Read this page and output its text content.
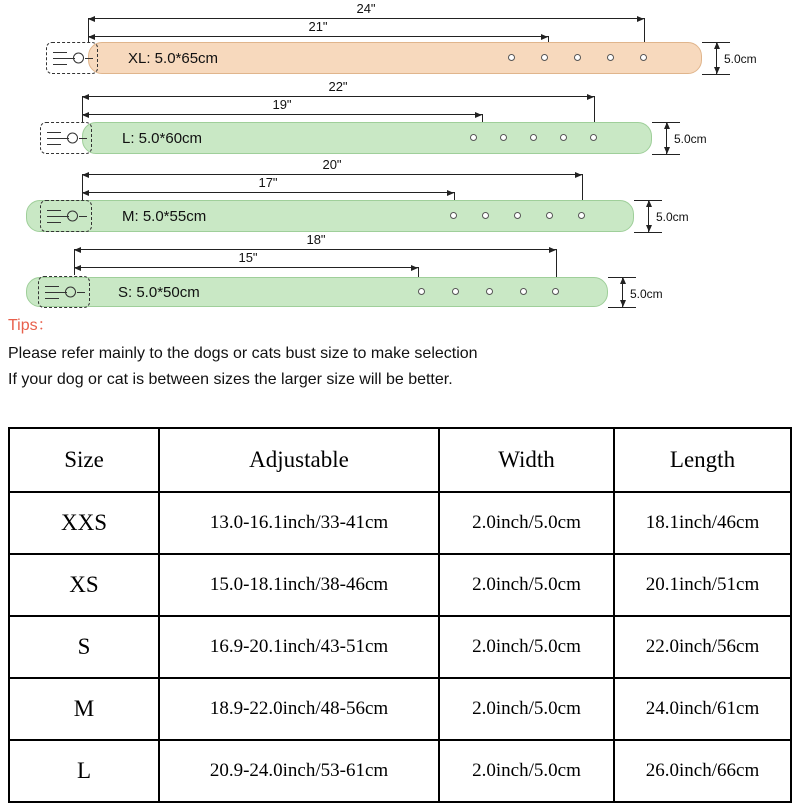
24"
21"
XL: 5.0*65cm	5.0cm
22"
19"
L: 5.0*60cm	5.0cm
20"
17"
M: 5.0*55cm	5.0cm
18"
15"
S: 5.0*50cm	5.0cm
Tips：
Please refer mainly to the dogs or cats bust size to make selection
If your dog or cat is between sizes the larger size will be better.
Size	Adjustable	Width	Length
XXS	13.0-16.1inch/33-41cm	2.0inch/5.0cm	18.1inch/46cm
XS	15.0-18.1inch/38-46cm	2.0inch/5.0cm	20.1inch/51cm
S	16.9-20.1inch/43-51cm	2.0inch/5.0cm	22.0inch/56cm
M	18.9-22.0inch/48-56cm	2.0inch/5.0cm	24.0inch/61cm
L	20.9-24.0inch/53-61cm	2.0inch/5.0cm	26.0inch/66cm
